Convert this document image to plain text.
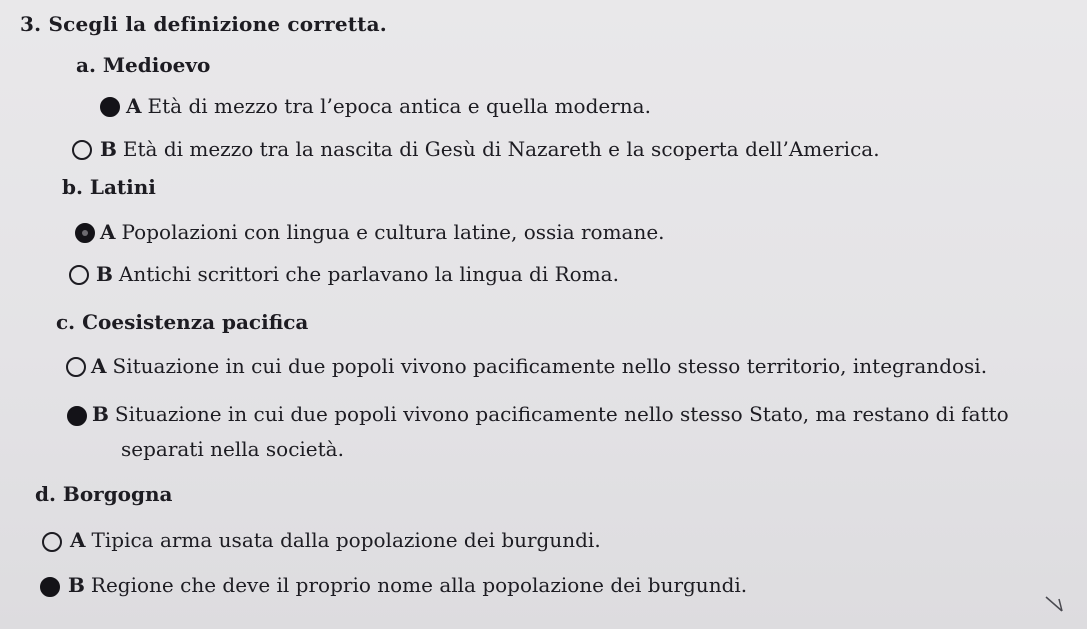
3. Scegli la definizione corretta.
a. Medioevo
A Età di mezzo tra l’epoca antica e quella moderna.
B Età di mezzo tra la nascita di Gesù di Nazareth e la scoperta dell’America.
b. Latini
A Popolazioni con lingua e cultura latine, ossia romane.
B Antichi scrittori che parlavano la lingua di Roma.
c. Coesistenza pacifica
A Situazione in cui due popoli vivono pacificamente nello stesso territorio, integrandosi.
B Situazione in cui due popoli vivono pacificamente nello stesso Stato, ma restano di fatto
separati nella società.
d. Borgogna
A Tipica arma usata dalla popolazione dei burgundi.
B Regione che deve il proprio nome alla popolazione dei burgundi.
